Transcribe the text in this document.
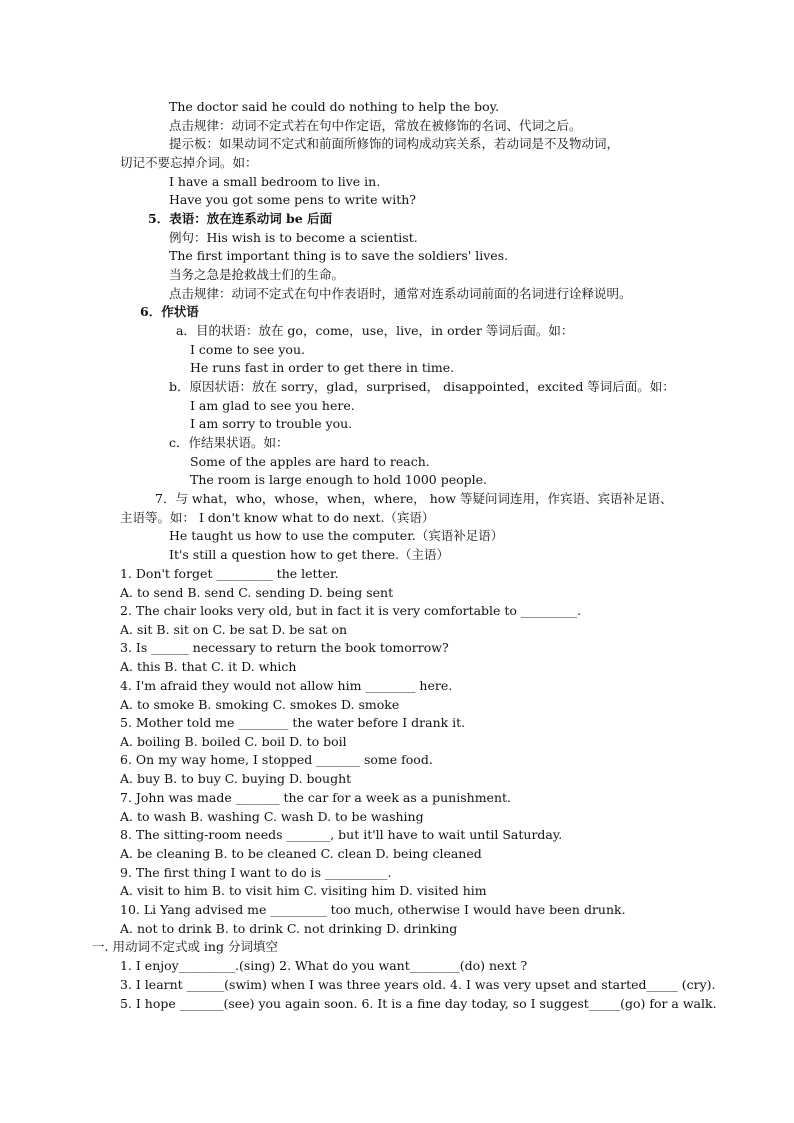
The doctor said he could do nothing to help the boy.
点击规律：动词不定式若在句中作定语，常放在被修饰的名词、代词之后。
提示板：如果动词不定式和前面所修饰的词构成动宾关系，若动词是不及物动词，
切记不要忘掉介词。如：
I have a small bedroom to live in.
Have you got some pens to write with?
5．表语：放在连系动词 be 后面
例句：His wish is to become a scientist.
The first important thing is to save the soldiers' lives.
当务之急是抢救战士们的生命。
点击规律：动词不定式在句中作表语时，通常对连系动词前面的名词进行诠释说明。
6．作状语
a．目的状语：放在 go，come，use，live，in order 等词后面。如：
I come to see you.
He runs fast in order to get there in time.
b．原因状语：放在 sorry，glad，surprised， disappointed，excited 等词后面。如：
I am glad to see you here.
I am sorry to trouble you.
c．作结果状语。如：
Some of the apples are hard to reach.
The room is large enough to hold 1000 people.
7．与 what，who，whose，when，where， how 等疑问词连用，作宾语、宾语补足语、
主语等。如： I don't know what to do next.（宾语）
He taught us how to use the computer.（宾语补足语）
It's still a question how to get there.（主语）
1. Don't forget _________ the letter.
A. to send B. send C. sending D. being sent
2. The chair looks very old, but in fact it is very comfortable to _________.
A. sit B. sit on C. be sat D. be sat on
3. Is ______ necessary to return the book tomorrow?
A. this B. that C. it D. which
4. I'm afraid they would not allow him ________ here.
A. to smoke B. smoking C. smokes D. smoke
5. Mother told me ________ the water before I drank it.
A. boiling B. boiled C. boil D. to boil
6. On my way home, I stopped _______ some food.
A. buy B. to buy C. buying D. bought
7. John was made _______ the car for a week as a punishment.
A. to wash B. washing C. wash D. to be washing
8. The sitting-room needs _______, but it'll have to wait until Saturday.
A. be cleaning B. to be cleaned C. clean D. being cleaned
9. The first thing I want to do is __________.
A. visit to him B. to visit him C. visiting him D. visited him
10. Li Yang advised me _________ too much, otherwise I would have been drunk.
A. not to drink B. to drink C. not drinking D. drinking
一. 用动词不定式或 ing 分词填空
1. I enjoy_________.(sing) 2. What do you want________(do) next ?
3. I learnt ______(swim) when I was three years old. 4. I was very upset and started_____ (cry).
5. I hope _______(see) you again soon. 6. It is a fine day today, so I suggest_____(go) for a walk.
